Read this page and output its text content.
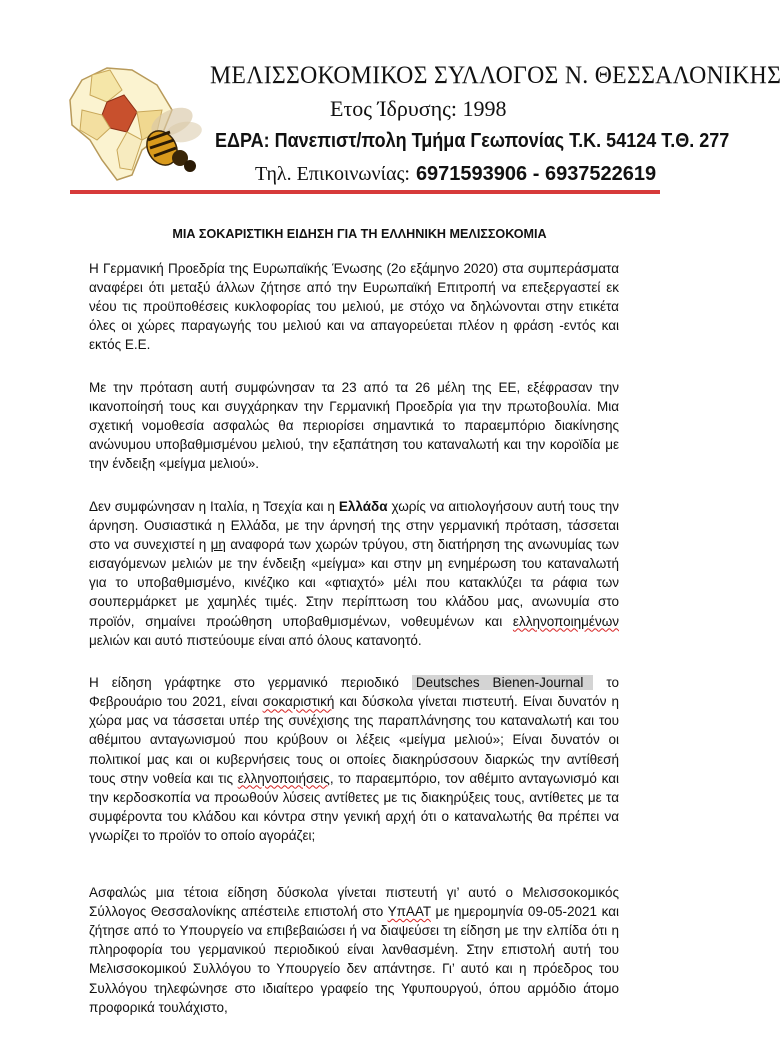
ΜΕΛΙΣΣΟΚΟΜΙΚΟΣ ΣΥΛΛΟΓΟΣ Ν. ΘΕΣΣΑΛΟΝΙΚΗΣ
Ετος Ίδρυσης: 1998
ΕΔΡΑ: Πανεπιστ/πολη Τμήμα Γεωπονίας Τ.Κ. 54124 Τ.Θ. 277
Τηλ. Επικοινωνίας: 6971593906 - 6937522619
ΜΙΑ ΣΟΚΑΡΙΣΤΙΚΗ ΕΙΔΗΣΗ ΓΙΑ ΤΗ ΕΛΛΗΝΙΚΗ ΜΕΛΙΣΣΟΚΟΜΙΑ

Η Γερμανική Προεδρία της Ευρωπαϊκής Ένωσης (2ο εξάμηνο 2020) στα συμπεράσματα αναφέρει ότι μεταξύ άλλων ζήτησε από την Ευρωπαϊκή Επιτροπή να επεξεργαστεί εκ νέου τις προϋποθέσεις κυκλοφορίας του μελιού, με στόχο να δηλώνονται στην ετικέτα όλες οι χώρες παραγωγής του μελιού και να απαγορεύεται πλέον η φράση -εντός και εκτός Ε.Ε.

Με την πρόταση αυτή συμφώνησαν τα 23 από τα 26 μέλη της ΕΕ, εξέφρασαν την ικανοποίησή τους και συγχάρηκαν την Γερμανική Προεδρία για την πρωτοβουλία. Μια σχετική νομοθεσία ασφαλώς θα περιορίσει σημαντικά το παραεμπόριο διακίνησης ανώνυμου υποβαθμισμένου μελιού, την εξαπάτηση του καταναλωτή και την κοροϊδία με την ένδειξη «μείγμα μελιού».

Δεν συμφώνησαν η Ιταλία, η Τσεχία και η Ελλάδα χωρίς να αιτιολογήσουν αυτή τους την άρνηση. Ουσιαστικά η Ελλάδα, με την άρνησή της στην γερμανική πρόταση, τάσσεται στο να συνεχιστεί η μη αναφορά των χωρών τρύγου, στη διατήρηση της ανωνυμίας των εισαγόμενων μελιών με την ένδειξη «μείγμα» και στην μη ενημέρωση του καταναλωτή για το υποβαθμισμένο, κινέζικο και «φτιαχτό» μέλι που κατακλύζει τα ράφια των σουπερμάρκετ με χαμηλές τιμές. Στην περίπτωση του κλάδου μας, ανωνυμία στο προϊόν, σημαίνει προώθηση υποβαθμισμένων, νοθευμένων και ελληνοποιημένων μελιών και αυτό πιστεύουμε είναι από όλους κατανοητό.

Η είδηση γράφτηκε στο γερμανικό περιοδικό Deutsches Bienen-Journal το Φεβρουάριο του 2021, είναι σοκαριστική και δύσκολα γίνεται πιστευτή. Είναι δυνατόν η χώρα μας να τάσσεται υπέρ της συνέχισης της παραπλάνησης του καταναλωτή και του αθέμιτου ανταγωνισμού που κρύβουν οι λέξεις «μείγμα μελιού»; Είναι δυνατόν οι πολιτικοί μας και οι κυβερνήσεις τους οι οποίες διακηρύσσουν διαρκώς την αντίθεσή τους στην νοθεία και τις ελληνοποιήσεις, το παραεμπόριο, τον αθέμιτο ανταγωνισμό και την κερδοσκοπία να προωθούν λύσεις αντίθετες με τις διακηρύξεις τους, αντίθετες με τα συμφέροντα του κλάδου και κόντρα στην γενική αρχή ότι ο καταναλωτής θα πρέπει να γνωρίζει το προϊόν το οποίο αγοράζει;

Ασφαλώς μια τέτοια είδηση δύσκολα γίνεται πιστευτή γι’ αυτό ο Μελισσοκομικός Σύλλογος Θεσσαλονίκης απέστειλε επιστολή στο ΥπΑΑΤ με ημερομηνία 09-05-2021 και ζήτησε από το Υπουργείο να επιβεβαιώσει ή να διαψεύσει τη είδηση με την ελπίδα ότι η πληροφορία του γερμανικού περιοδικού είναι λανθασμένη. Στην επιστολή αυτή του Μελισσοκομικού Συλλόγου το Υπουργείο δεν απάντησε. Γι’ αυτό και η πρόεδρος του Συλλόγου τηλεφώνησε στο ιδιαίτερο γραφείο της Υφυπουργού, όπου αρμόδιο άτομο προφορικά τουλάχιστο,
